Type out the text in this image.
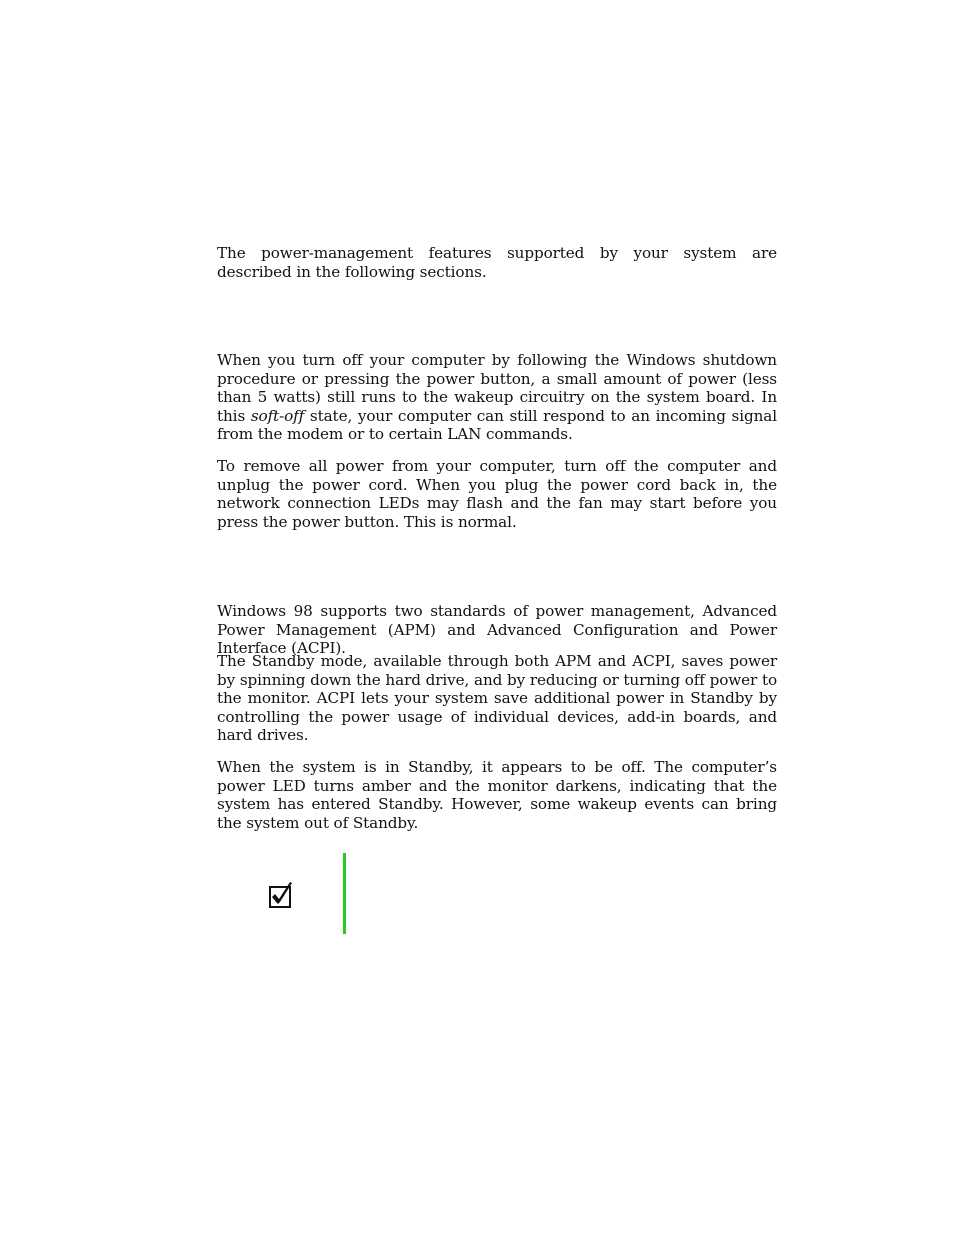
The power-management features supported by your system are described in the following sections.

When you turn off your computer by following the Windows shutdown procedure or pressing the power button, a small amount of power (less than 5 watts) still runs to the wakeup circuitry on the system board. In this soft-off state, your computer can still respond to an incoming signal from the modem or to certain LAN commands.

To remove all power from your computer, turn off the computer and unplug the power cord. When you plug the power cord back in, the network connection LEDs may flash and the fan may start before you press the power button. This is normal.

Windows 98 supports two standards of power management, Advanced Power Management (APM) and Advanced Configuration and Power Interface (ACPI).

The Standby mode, available through both APM and ACPI, saves power by spinning down the hard drive, and by reducing or turning off power to the monitor. ACPI lets your system save additional power in Standby by controlling the power usage of individual devices, add-in boards, and hard drives.

When the system is in Standby, it appears to be off. The computer’s power LED turns amber and the monitor darkens, indicating that the system has entered Standby. However, some wakeup events can bring the system out of Standby.
